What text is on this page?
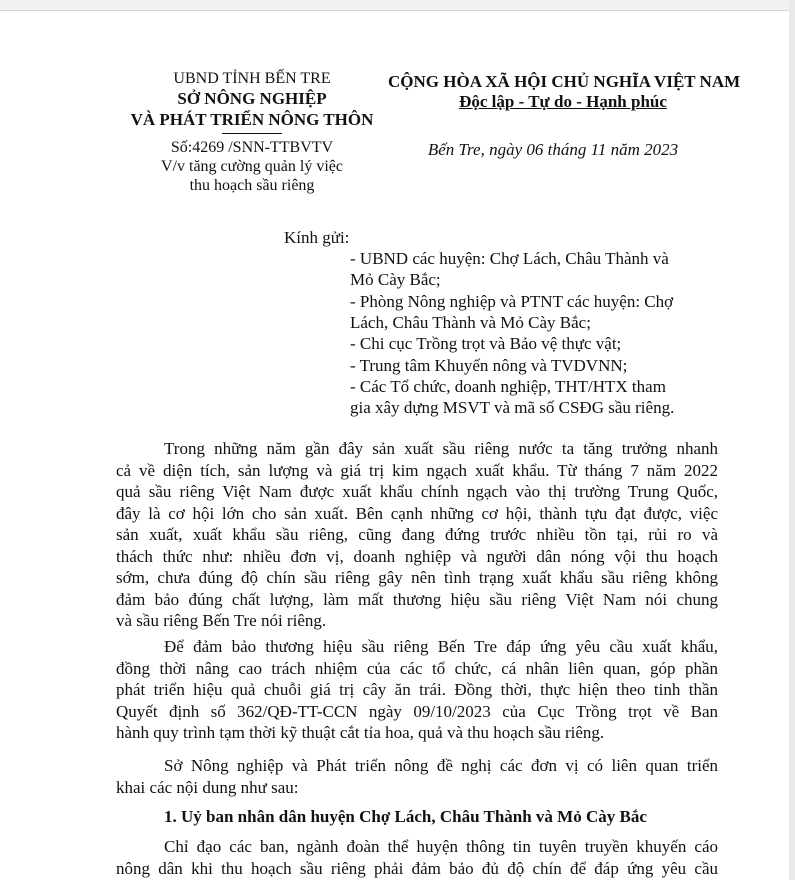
UBND TỈNH BẾN TRE
SỞ NÔNG NGHIỆP
VÀ PHÁT TRIỂN NÔNG THÔN
Số:4269 /SNN-TTBVTV
V/v tăng cường quản lý việc
thu hoạch sầu riêng
CỘNG HÒA XÃ HỘI CHỦ NGHĨA VIỆT NAM
Độc lập - Tự do - Hạnh phúc
Bến Tre, ngày 06 tháng 11 năm 2023
Kính gửi:
- UBND các huyện: Chợ Lách, Châu Thành và
Mỏ Cày Bắc;
- Phòng Nông nghiệp và PTNT các huyện: Chợ
Lách, Châu Thành và Mỏ Cày Bắc;
- Chi cục Trồng trọt và Bảo vệ thực vật;
- Trung tâm Khuyến nông và TVDVNN;
- Các Tổ chức, doanh nghiệp, THT/HTX tham
gia xây dựng MSVT và mã số CSĐG sầu riêng.
Trong những năm gần đây sản xuất sầu riêng nước ta tăng trưởng nhanh
cả về diện tích, sản lượng và giá trị kim ngạch xuất khẩu. Từ tháng 7 năm 2022
quả sầu riêng Việt Nam được xuất khẩu chính ngạch vào thị trường Trung Quốc,
đây là cơ hội lớn cho sản xuất. Bên cạnh những cơ hội, thành tựu đạt được, việc
sản xuất, xuất khẩu sầu riêng, cũng đang đứng trước nhiều tồn tại, rủi ro và
thách thức như: nhiều đơn vị, doanh nghiệp và người dân nóng vội thu hoạch
sớm, chưa đúng độ chín sầu riêng gây nên tình trạng xuất khẩu sầu riêng không
đảm bảo đúng chất lượng, làm mất thương hiệu sầu riêng Việt Nam nói chung
và sầu riêng Bến Tre nói riêng.
Để đảm bảo thương hiệu sầu riêng Bến Tre đáp ứng yêu cầu xuất khẩu,
đồng thời nâng cao trách nhiệm của các tổ chức, cá nhân liên quan, góp phần
phát triển hiệu quả chuỗi giá trị cây ăn trái. Đồng thời, thực hiện theo tinh thần
Quyết định số 362/QĐ-TT-CCN ngày 09/10/2023 của Cục Trồng trọt về Ban
hành quy trình tạm thời kỹ thuật cắt tỉa hoa, quả và thu hoạch sầu riêng.
Sở Nông nghiệp và Phát triển nông đề nghị các đơn vị có liên quan triển
khai các nội dung như sau:
1. Uỷ ban nhân dân huyện Chợ Lách, Châu Thành và Mỏ Cày Bắc
Chỉ đạo các ban, ngành đoàn thể huyện thông tin tuyên truyền khuyến cáo
nông dân khi thu hoạch sầu riêng phải đảm bảo đủ độ chín để đáp ứng yêu cầu
